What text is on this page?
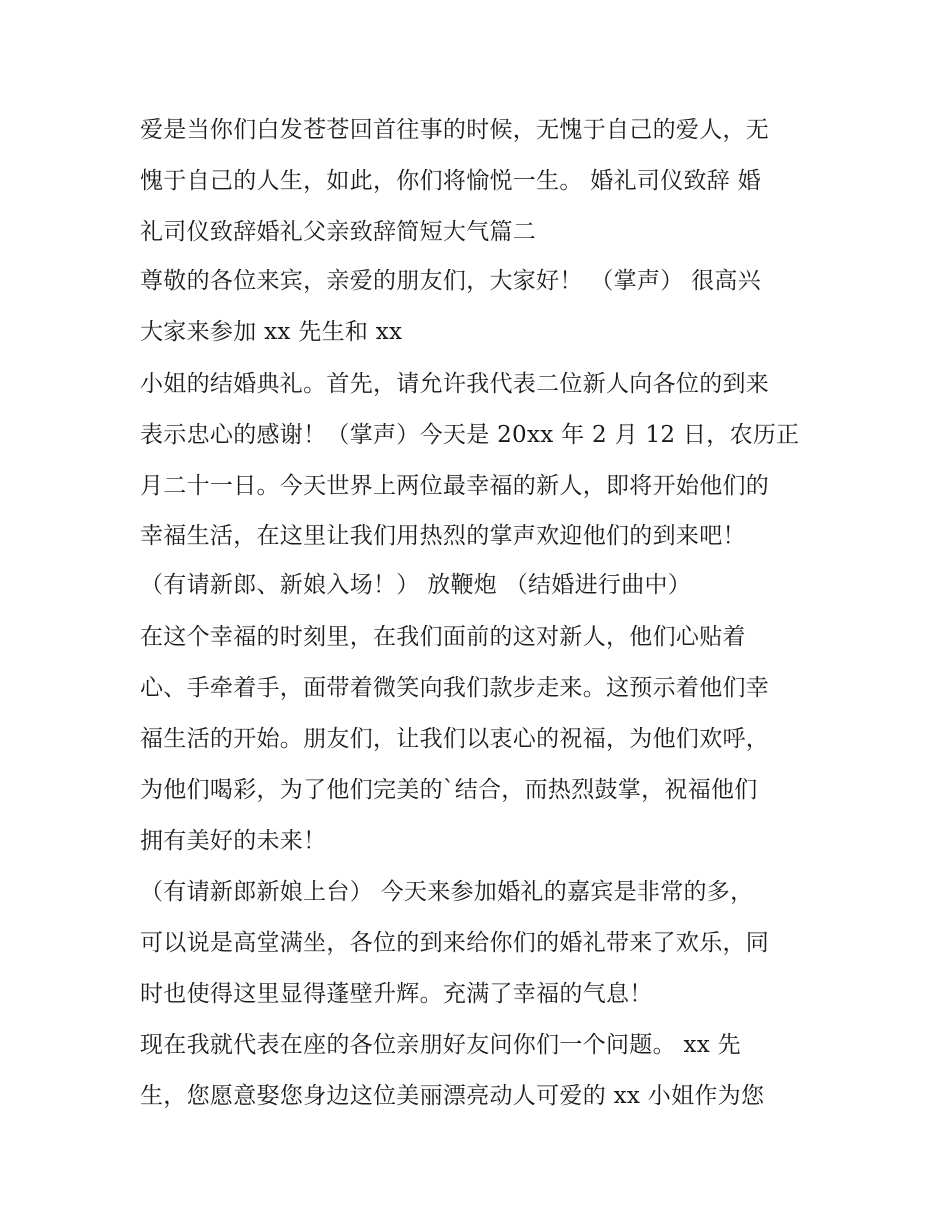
爱是当你们白发苍苍回首往事的时候，无愧于自己的爱人，无
愧于自己的人生，如此，你们将愉悦一生。 婚礼司仪致辞 婚
礼司仪致辞婚礼父亲致辞简短大气篇二
尊敬的各位来宾，亲爱的朋友们，大家好！ （掌声） 很高兴
大家来参加 xx 先生和 xx
小姐的结婚典礼。首先，请允许我代表二位新人向各位的到来
表示忠心的感谢！（掌声）今天是 20xx 年 2 月 12 日，农历正
月二十一日。今天世界上两位最幸福的新人，即将开始他们的
幸福生活，在这里让我们用热烈的掌声欢迎他们的到来吧！
（有请新郎、新娘入场！） 放鞭炮 （结婚进行曲中）
在这个幸福的时刻里，在我们面前的这对新人，他们心贴着
心、手牵着手，面带着微笑向我们款步走来。这预示着他们幸
福生活的开始。朋友们，让我们以衷心的祝福，为他们欢呼，
为他们喝彩，为了他们完美的`结合，而热烈鼓掌，祝福他们
拥有美好的未来！
（有请新郎新娘上台） 今天来参加婚礼的嘉宾是非常的多，
可以说是高堂满坐，各位的到来给你们的婚礼带来了欢乐，同
时也使得这里显得蓬壁升辉。充满了幸福的气息！
现在我就代表在座的各位亲朋好友问你们一个问题。 xx 先
生，您愿意娶您身边这位美丽漂亮动人可爱的 xx 小姐作为您
